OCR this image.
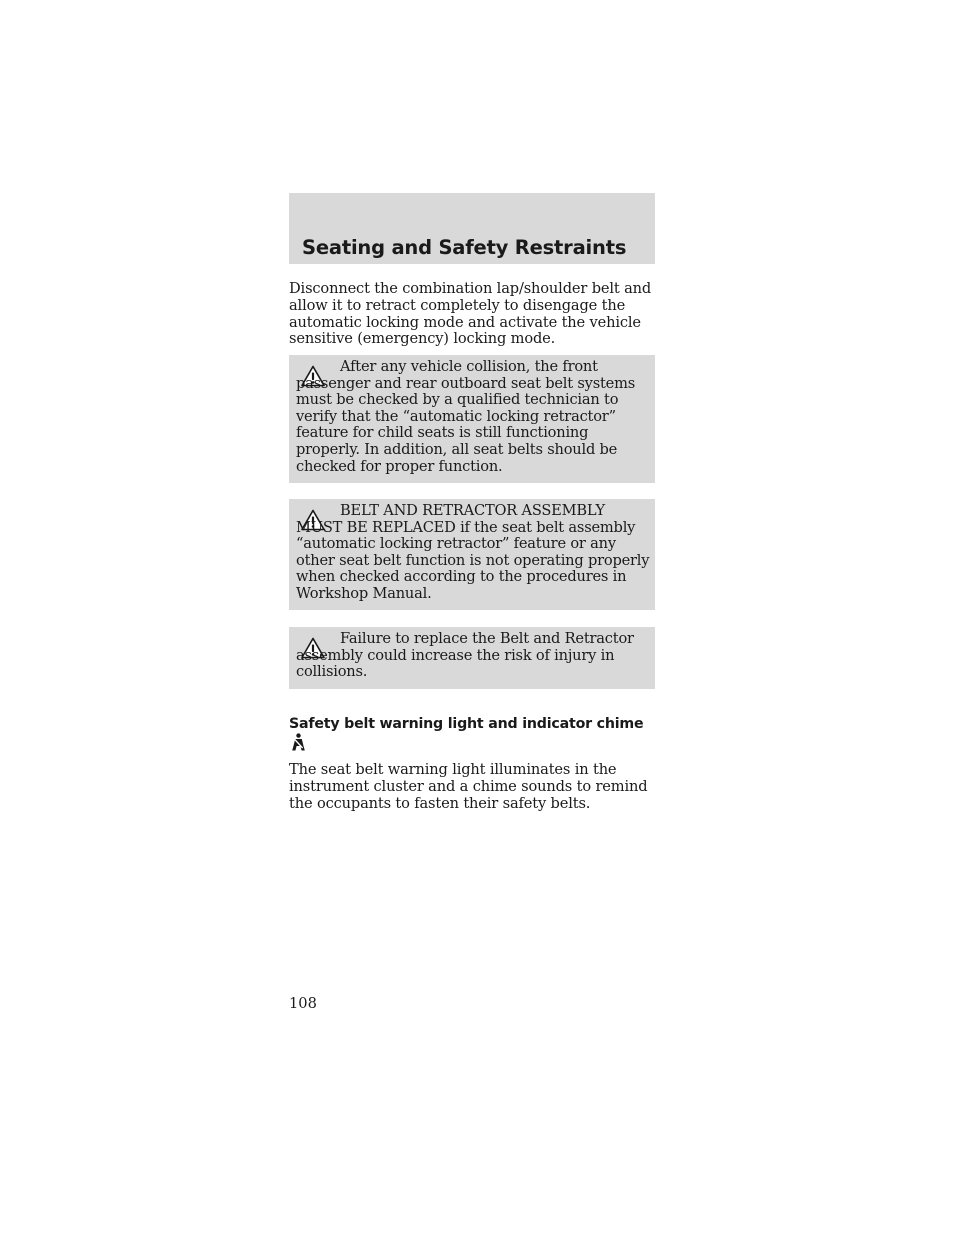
Seating and Safety Restraints

Disconnect the combination lap/shoulder belt and allow it to retract completely to disengage the automatic locking mode and activate the vehicle sensitive (emergency) locking mode.

After any vehicle collision, the front passenger and rear outboard seat belt systems must be checked by a qualified technician to verify that the “automatic locking retractor” feature for child seats is still functioning properly. In addition, all seat belts should be checked for proper function.

BELT AND RETRACTOR ASSEMBLY MUST BE REPLACED if the seat belt assembly “automatic locking retractor” feature or any other seat belt function is not operating properly when checked according to the procedures in Workshop Manual.

Failure to replace the Belt and Retractor assembly could increase the risk of injury in collisions.

Safety belt warning light and indicator chime

The seat belt warning light illuminates in the instrument cluster and a chime sounds to remind the occupants to fasten their safety belts.

108
